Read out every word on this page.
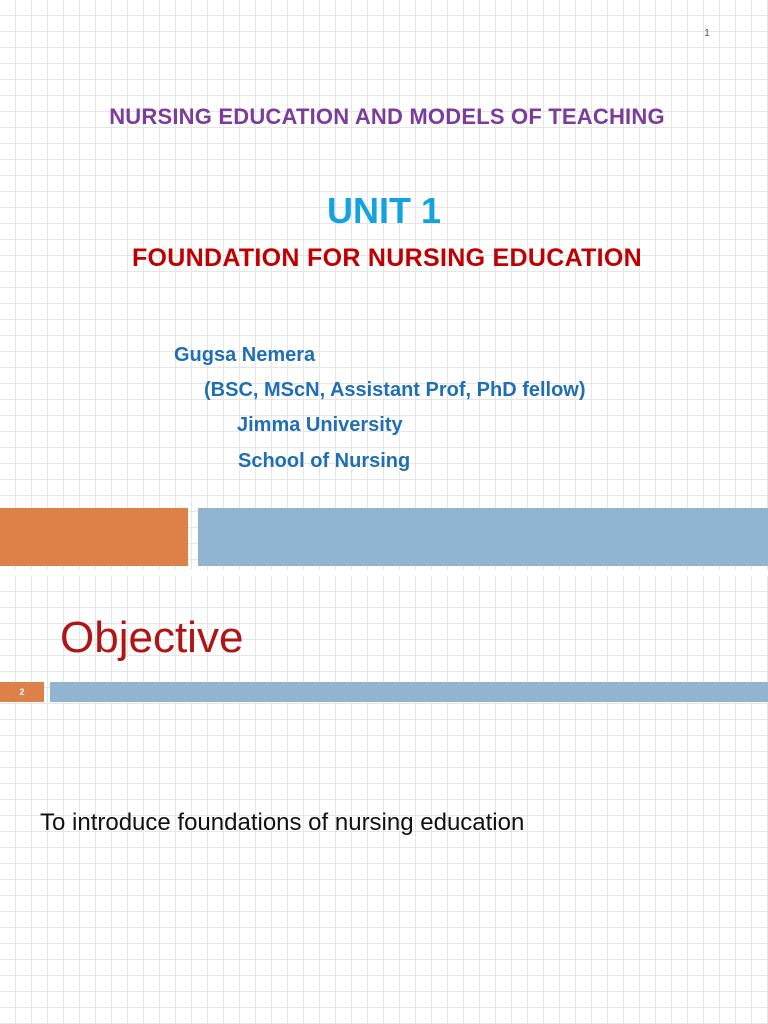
1
NURSING EDUCATION AND MODELS OF TEACHING
UNIT 1
FOUNDATION FOR NURSING EDUCATION
Gugsa Nemera
(BSC, MScN, Assistant Prof, PhD fellow)
Jimma University
School of Nursing
Objective
2
To introduce foundations of nursing education
